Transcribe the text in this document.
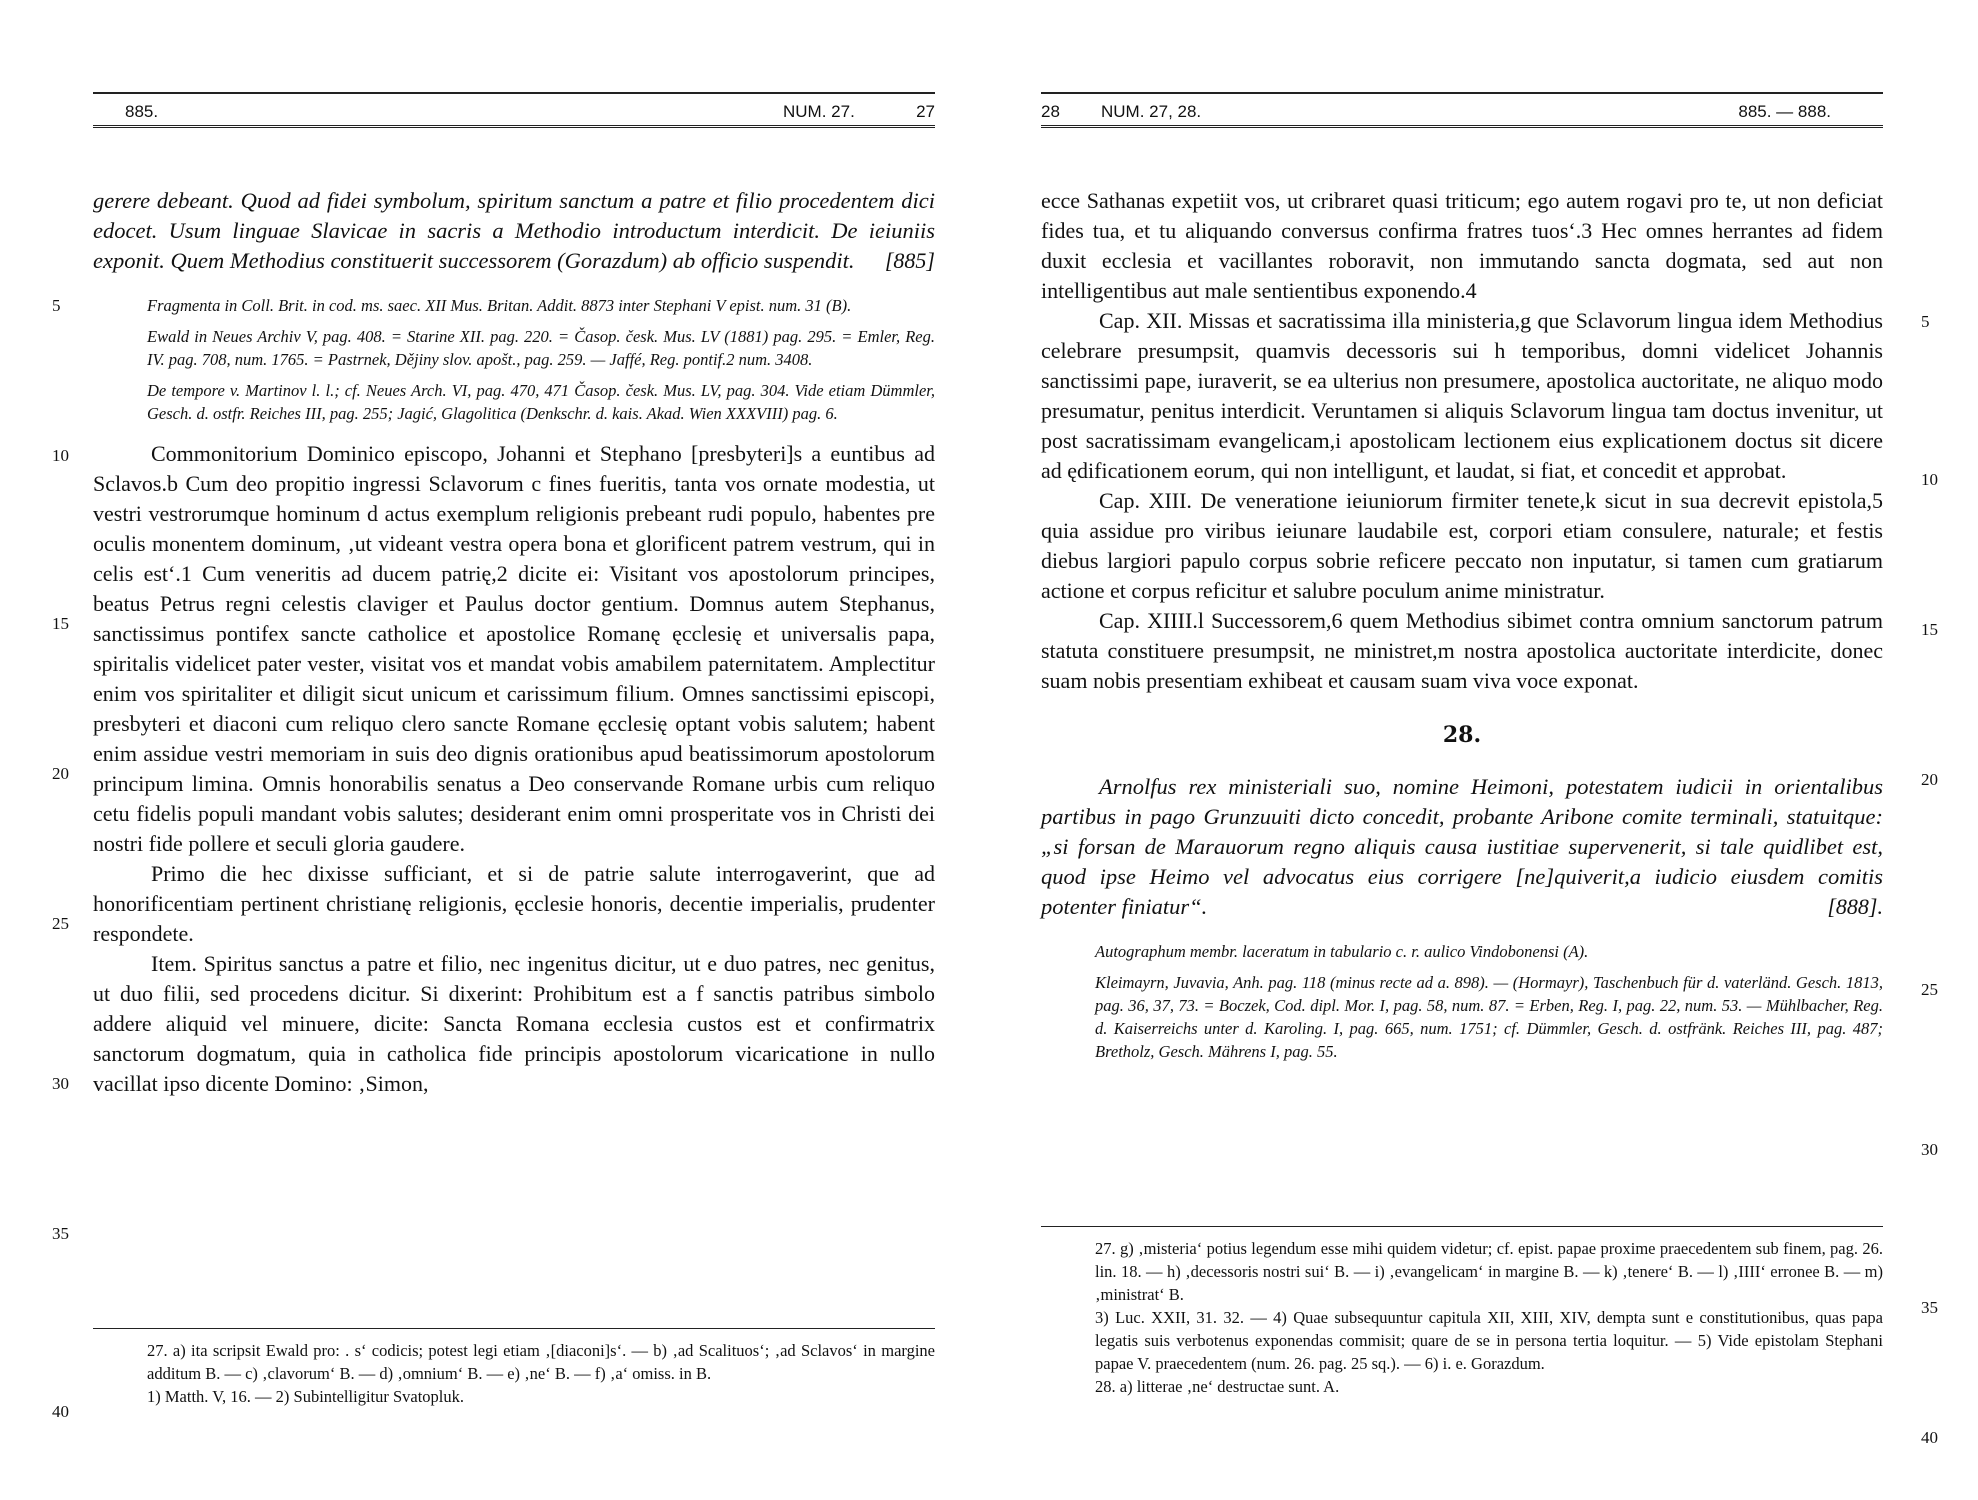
885.	NUM. 27.	27

gerere debeant. Quod ad fidei symbolum, spiritum sanctum a patre et filio procedentem dici edocet. Usum linguae Slavicae in sacris a Methodio introductum interdicit. De ieiuniis exponit. Quem Methodius constituerit successorem (Gorazdum) ab officio suspendit. [885]

Fragmenta in Coll. Brit. in cod. ms. saec. XII Mus. Britan. Addit. 8873 inter Stephani V epist. num. 31 (B).

Ewald in Neues Archiv V, pag. 408. = Starine XII. pag. 220. = Časop. česk. Mus. LV (1881) pag. 295. = Emler, Reg. IV. pag. 708, num. 1765. = Pastrnek, Dějiny slov. apošt., pag. 259. — Jaffé, Reg. pontif.2 num. 3408.

De tempore v. Martinov l. l.; cf. Neues Arch. VI, pag. 470, 471 Časop. česk. Mus. LV, pag. 304. Vide etiam Dümmler, Gesch. d. ostfr. Reiches III, pag. 255; Jagić, Glagolitica (Denkschr. d. kais. Akad. Wien XXXVIII) pag. 6.

Commonitorium Dominico episcopo, Johanni et Stephano [presbyteri]s a euntibus ad Sclavos.b Cum deo propitio ingressi Sclavorum c fines fueritis, tanta vos ornate modestia, ut vestri vestrorumque hominum d actus exemplum religionis prebeant rudi populo, habentes pre oculis monentem dominum, ‚ut videant vestra opera bona et glorificent patrem vestrum, qui in celis est‘.1 Cum veneritis ad ducem patrię,2 dicite ei: Visitant vos apostolorum principes, beatus Petrus regni celestis claviger et Paulus doctor gentium. Domnus autem Stephanus, sanctissimus pontifex sancte catholice et apostolice Romanę ęcclesię et universalis papa, spiritalis videlicet pater vester, visitat vos et mandat vobis amabilem paternitatem. Amplectitur enim vos spiritaliter et diligit sicut unicum et carissimum filium. Omnes sanctissimi episcopi, presbyteri et diaconi cum reliquo clero sancte Romane ęcclesię optant vobis salutem; habent enim assidue vestri memoriam in suis deo dignis orationibus apud beatissimorum apostolorum principum limina. Omnis honorabilis senatus a Deo conservande Romane urbis cum reliquo cetu fidelis populi mandant vobis salutes; desiderant enim omni prosperitate vos in Christi dei nostri fide pollere et seculi gloria gaudere.

Primo die hec dixisse sufficiant, et si de patrie salute interrogaverint, que ad honorificentiam pertinent christianę religionis, ęcclesie honoris, decentie imperialis, prudenter respondete.

Item. Spiritus sanctus a patre et filio, nec ingenitus dicitur, ut e duo patres, nec genitus, ut duo filii, sed procedens dicitur. Si dixerint: Prohibitum est a f sanctis patribus simbolo addere aliquid vel minuere, dicite: Sancta Romana ecclesia custos est et confirmatrix sanctorum dogmatum, quia in catholica fide principis apostolorum vicaricatione in nullo vacillat ipso dicente Domino: ‚Simon,

27. a) ita scripsit Ewald pro: . s‘ codicis; potest legi etiam ‚[diaconi]s‘. — b) ‚ad Scalituos‘; ‚ad Sclavos‘ in margine additum B. — c) ‚clavorum‘ B. — d) ‚omnium‘ B. — e) ‚ne‘ B. — f) ‚a‘ omiss. in B.

1) Matth. V, 16. — 2) Subintelligitur Svatopluk.

5
10
15
20
25
30
35
40
28 NUM. 27, 28.	885. — 888.

ecce Sathanas expetiit vos, ut cribraret quasi triticum; ego autem rogavi pro te, ut non deficiat fides tua, et tu aliquando conversus confirma fratres tuos‘.3 Hec omnes herrantes ad fidem duxit ecclesia et vacillantes roboravit, non immutando sancta dogmata, sed aut non intelligentibus aut male sentientibus exponendo.4

Cap. XII. Missas et sacratissima illa ministeria,g que Sclavorum lingua idem Methodius celebrare presumpsit, quamvis decessoris sui h temporibus, domni videlicet Johannis sanctissimi pape, iuraverit, se ea ulterius non presumere, apostolica auctoritate, ne aliquo modo presumatur, penitus interdicit. Veruntamen si aliquis Sclavorum lingua tam doctus invenitur, ut post sacratissimam evangelicam,i apostolicam lectionem eius explicationem doctus sit dicere ad ędificationem eorum, qui non intelligunt, et laudat, si fiat, et concedit et approbat.

Cap. XIII. De veneratione ieiuniorum firmiter tenete,k sicut in sua decrevit epistola,5 quia assidue pro viribus ieiunare laudabile est, corpori etiam consulere, naturale; et festis diebus largiori papulo corpus sobrie reficere peccato non inputatur, si tamen cum gratiarum actione et corpus reficitur et salubre poculum anime ministratur.

Cap. XIIII.l Successorem,6 quem Methodius sibimet contra omnium sanctorum patrum statuta constituere presumpsit, ne ministret,m nostra apostolica auctoritate interdicite, donec suam nobis presentiam exhibeat et causam suam viva voce exponat.

28.

Arnolfus rex ministeriali suo, nomine Heimoni, potestatem iudicii in orientalibus partibus in pago Grunzuuiti dicto concedit, probante Aribone comite terminali, statuitque: „si forsan de Marauorum regno aliquis causa iustitiae supervenerit, si tale quidlibet est, quod ipse Heimo vel advocatus eius corrigere [ne]quiverit,a iudicio eiusdem comitis potenter finiatur“.	[888].

Autographum membr. laceratum in tabulario c. r. aulico Vindobonensi (A).

Kleimayrn, Juvavia, Anh. pag. 118 (minus recte ad a. 898). — (Hormayr), Taschenbuch für d. vaterländ. Gesch. 1813, pag. 36, 37, 73. = Boczek, Cod. dipl. Mor. I, pag. 58, num. 87. = Erben, Reg. I, pag. 22, num. 53. — Mühlbacher, Reg. d. Kaiserreichs unter d. Karoling. I, pag. 665, num. 1751; cf. Dümmler, Gesch. d. ostfränk. Reiches III, pag. 487; Bretholz, Gesch. Mährens I, pag. 55.

27. g) ‚misteria‘ potius legendum esse mihi quidem videtur; cf. epist. papae proxime praecedentem sub finem, pag. 26. lin. 18. — h) ‚decessoris nostri sui‘ B. — i) ‚evangelicam‘ in margine B. — k) ‚tenere‘ B. — l) ‚IIII‘ erronee B. — m) ‚ministrat‘ B.

3) Luc. XXII, 31. 32. — 4) Quae subsequuntur capitula XII, XIII, XIV, dempta sunt e constitutionibus, quas papa legatis suis verbotenus exponendas commisit; quare de se in persona tertia loquitur. — 5) Vide epistolam Stephani papae V. praecedentem (num. 26. pag. 25 sq.). — 6) i. e. Gorazdum.

28. a) litterae ‚ne‘ destructae sunt. A.

5
10
15
20
25
30
35
40
